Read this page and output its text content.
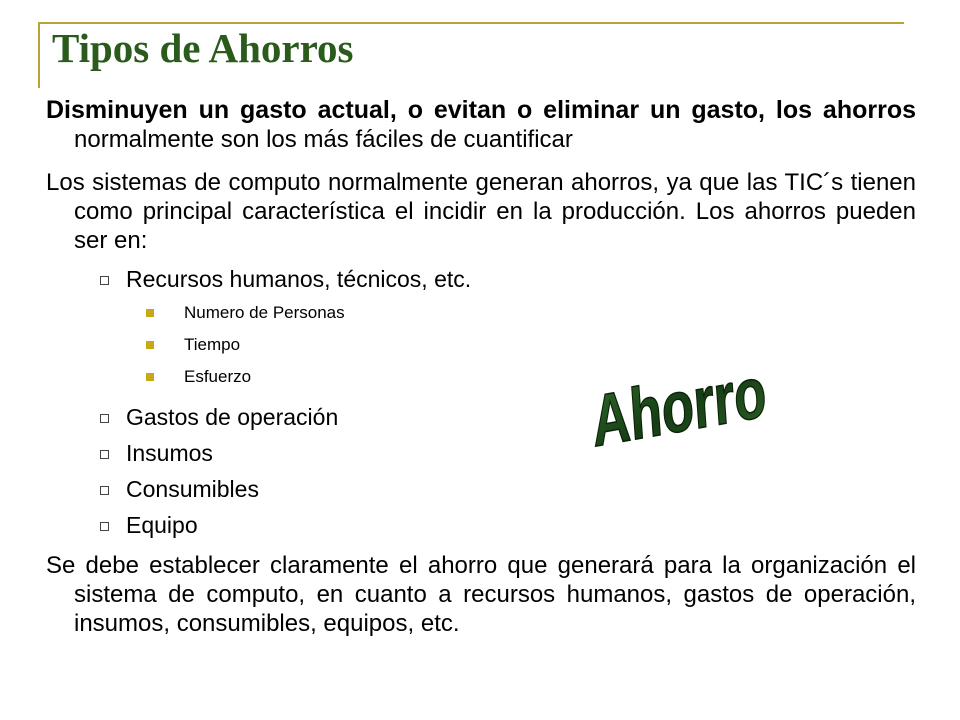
Tipos de Ahorros

Disminuyen un gasto actual, o evitan o eliminar un gasto, los ahorros normalmente son los más fáciles de cuantificar

Los sistemas de computo normalmente generan ahorros, ya que las TIC´s tienen como principal característica el incidir en la producción. Los ahorros pueden ser en:

Recursos humanos, técnicos, etc.
Numero de Personas
Tiempo
Esfuerzo
Gastos de operación
Insumos
Consumibles
Equipo

Se debe establecer claramente el ahorro que generará para la organización el sistema de computo, en cuanto a recursos humanos, gastos de operación, insumos, consumibles, equipos, etc.

Ahorro
